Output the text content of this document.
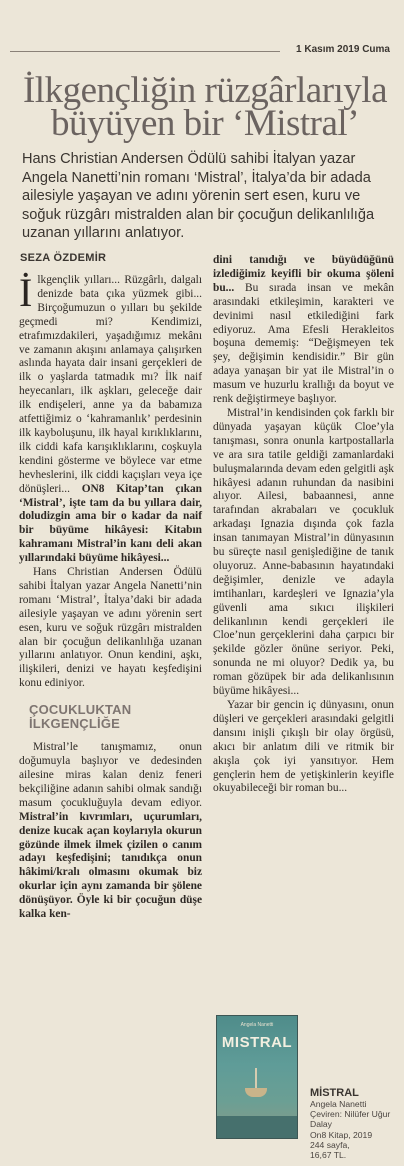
1 Kasım 2019 Cuma
İlkgençliğin rüzgârlarıyla büyüyen bir ‘Mistral’

Hans Christian Andersen Ödülü sahibi İtalyan yazar Angela Nanetti’nin romanı ‘Mistral’, İtalya’da bir adada ailesiyle yaşayan ve adını yörenin sert esen, kuru ve soğuk rüzgârı mistralden alan bir çocuğun delikanlılığa uzanan yıllarını anlatıyor.

SEZA ÖZDEMİR
İlkgençlik yılları... Rüzgârlı, dalgalı denizde bata çıka yüzmek gibi... Birçoğumuzun o yılları bu şekilde geçmedi mi? Kendimizi, etrafımızdakileri, yaşadığımız mekânı ve zamanın akışını anlamaya çalışırken aslında hayata dair insani gerçekleri de ilk o yaşlarda tatmadık mı? İlk naif heyecanları, ilk aşkları, geleceğe dair ilk endişeleri, anne ya da babamıza atfettiğimiz o ‘kahramanlık’ perdesinin ilk kayboluşunu, ilk hayal kırıklıklarını, ilk ciddi kafa karışıklıklarını, coşkuyla kendini gösterme ve böylece var etme hevheslerini, ilk ciddi kaçışları veya içe dönüşleri... ON8 Kitap’tan çıkan ‘Mistral’, işte tam da bu yıllara dair, doludizgin ama bir o kadar da naif bir büyüme hikâyesi: Kitabın kahramanı Mistral’in kanı deli akan yıllarındaki büyüme hikâyesi...

Hans Christian Andersen Ödülü sahibi İtalyan yazar Angela Nanetti’nin romanı ‘Mistral’, İtalya’daki bir adada ailesiyle yaşayan ve adını yörenin sert esen, kuru ve soğuk rüzgârı mistralden alan bir çocuğun delikanlılığa uzanan yıllarını anlatıyor. Onun kendini, aşkı, ilişkileri, denizi ve hayatı keşfedişini konu ediniyor.

ÇOCUKLUKTAN İLKGENÇLİĞE

Mistral’le tanışmamız, onun doğumuyla başlıyor ve dedesinden ailesine miras kalan deniz feneri bekçiliğine adanın sahibi olmak sandığı masum çocukluğuyla devam ediyor. Mistral’in kıvrımları, uçurumları, denize kucak açan koylarıyla okurun gözünde ilmek ilmek çizilen o canım adayı keşfedişini; tanıdıkça onun hâkimi/kralı olmasını okumak biz okurlar için aynı zamanda bir şölene dönüşüyor. Öyle ki bir çocuğun düşe kalka ken-

dini tanıdığı ve büyüdüğünü izlediğimiz keyifli bir okuma şöleni bu... Bu sırada insan ve mekân arasındaki etkileşimin, karakteri ve devinimi nasıl etkilediğini fark ediyoruz. Ama Efesli Herakleitos boşuna dememiş: “Değişmeyen tek şey, değişimin kendisidir.” Bir gün adaya yanaşan bir yat ile Mistral’in o masum ve huzurlu krallığı da boyut ve renk değiştirmeye başlıyor.

Mistral’in kendisinden çok farklı bir dünyada yaşayan küçük Cloe’yla tanışması, sonra onunla kartpostallarla ve ara sıra tatile geldiği zamanlardaki buluşmalarında devam eden gelgitli aşk hikâyesi adanın ruhundan da nasibini alıyor. Ailesi, babaannesi, anne tarafından akrabaları ve çocukluk arkadaşı Ignazia dışında çok fazla insan tanımayan Mistral’in dünyasının bu süreçte nasıl genişlediğine de tanık oluyoruz. Anne-babasının hayatındaki değişimler, denizle ve adayla imtihanları, kardeşleri ve Ignazia’yla güvenli ama sıkıcı ilişkileri delikanlının kendi gerçekleri ile Cloe’nun gerçeklerini daha çarpıcı bir şekilde gözler önüne seriyor. Peki, sonunda ne mi oluyor? Dedik ya, bu roman gözüpek bir ada delikanlısının büyüme hikâyesi...

Yazar bir gencin iç dünyasını, onun düşleri ve gerçekleri arasındaki gelgitli dansını inişli çıkışlı bir olay örgüsü, akıcı bir anlatım dili ve ritmik bir akışla çok iyi yansıtıyor. Hem gençlerin hem de yetişkinlerin keyifle okuyabileceği bir roman bu...

Angela Nanetti
MISTRAL
MİSTRAL
Angela Nanetti
Çeviren: Nilüfer Uğur Dalay
On8 Kitap, 2019
244 sayfa,
16,67 TL.
